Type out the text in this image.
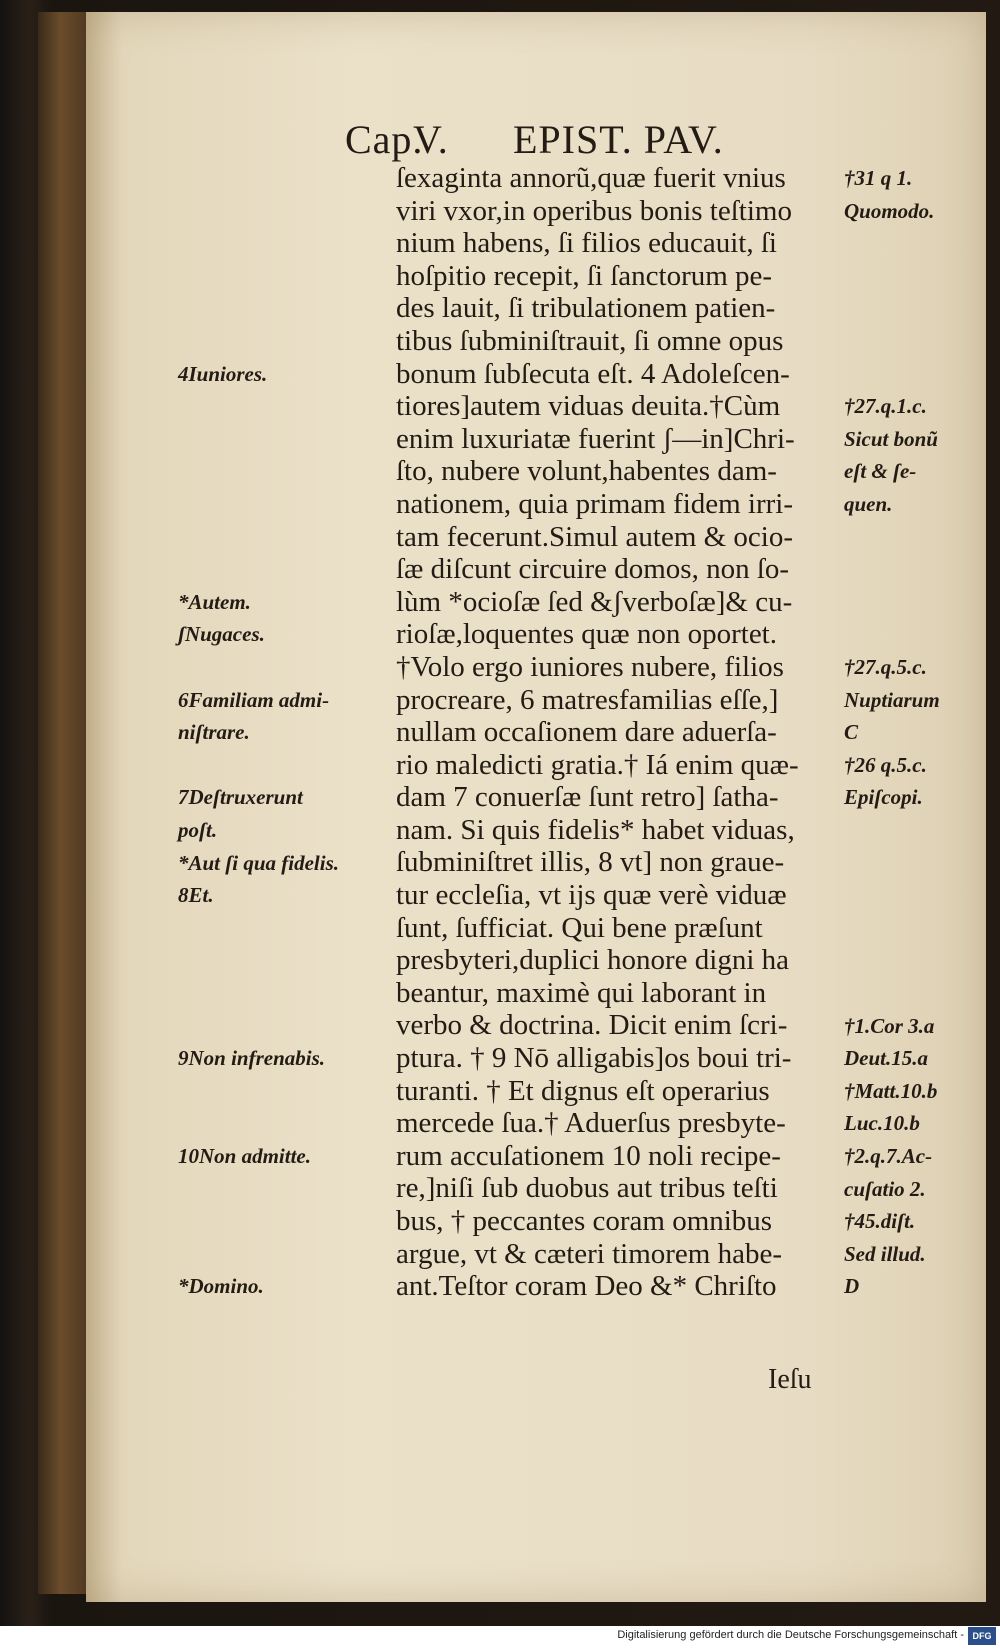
Cap.
V. EPIST. PAV.
ſexaginta annorũ,quæ fuerit vnius
viri vxor,in operibus bonis teſtimo
nium habens, ſi filios educauit, ſi
hoſpitio recepit, ſi ſanctorum pe-
des lauit, ſi tribulationem patien-
tibus ſubminiſtrauit, ſi omne opus
bonum ſubſecuta eſt. 4 Adoleſcen-
tiores]autem viduas deuita.†Cùm
enim luxuriatæ fuerint ʃ—in]Chri-
ſto, nubere volunt,habentes dam-
nationem, quia primam fidem irri-
tam fecerunt.Simul autem & ocio-
ſæ diſcunt circuire domos, non ſo-
lùm *ocioſæ ſed &ʃverboſæ]& cu-
rioſæ,loquentes quæ non oportet.
†Volo ergo iuniores nubere, filios
procreare, 6 matresfamilias eſſe,]
nullam occaſionem dare aduerſa-
rio maledicti gratia.† Iá enim quæ-
dam 7 conuerſæ ſunt retro] ſatha-
nam. Si quis fidelis* habet viduas,
ſubminiſtret illis, 8 vt] non graue-
tur eccleſia, vt ijs quæ verè viduæ
ſunt, ſufficiat. Qui bene præſunt
presbyteri,duplici honore digni ha
beantur, maximè qui laborant in
verbo & doctrina. Dicit enim ſcri-
ptura. † 9 Nō alligabis]os boui tri-
turanti. † Et dignus eſt operarius
mercede ſua.† Aduerſus presbyte-
rum accuſationem 10 noli recipe-
re,]niſi ſub duobus aut tribus teſti
bus, † peccantes coram omnibus
argue, vt & cæteri timorem habe-
ant.Teſtor coram Deo &* Chriſto
4Iuniores.
*Autem.
ʃNugaces.
6Familiam admi-
niſtrare.
7Deſtruxerunt
poſt.
*Aut ſi qua fidelis.
8Et.
9Non infrenabis.
10Non admitte.
*Domino.
†31 q 1.
Quomodo.
†27.q.1.c.
Sicut bonũ
eſt & ſe-
quen.
†27.q.5.c.
Nuptiarum
C
†26 q.5.c.
Epiſcopi.
†1.Cor 3.a
Deut.15.a
†Matt.10.b
Luc.10.b
†2.q.7.Ac-
cuſatio 2.
†45.diſt.
Sed illud.
D
Ieſu
Digitalisierung gefördert durch die Deutsche Forschungsgemeinschaft - DFG
